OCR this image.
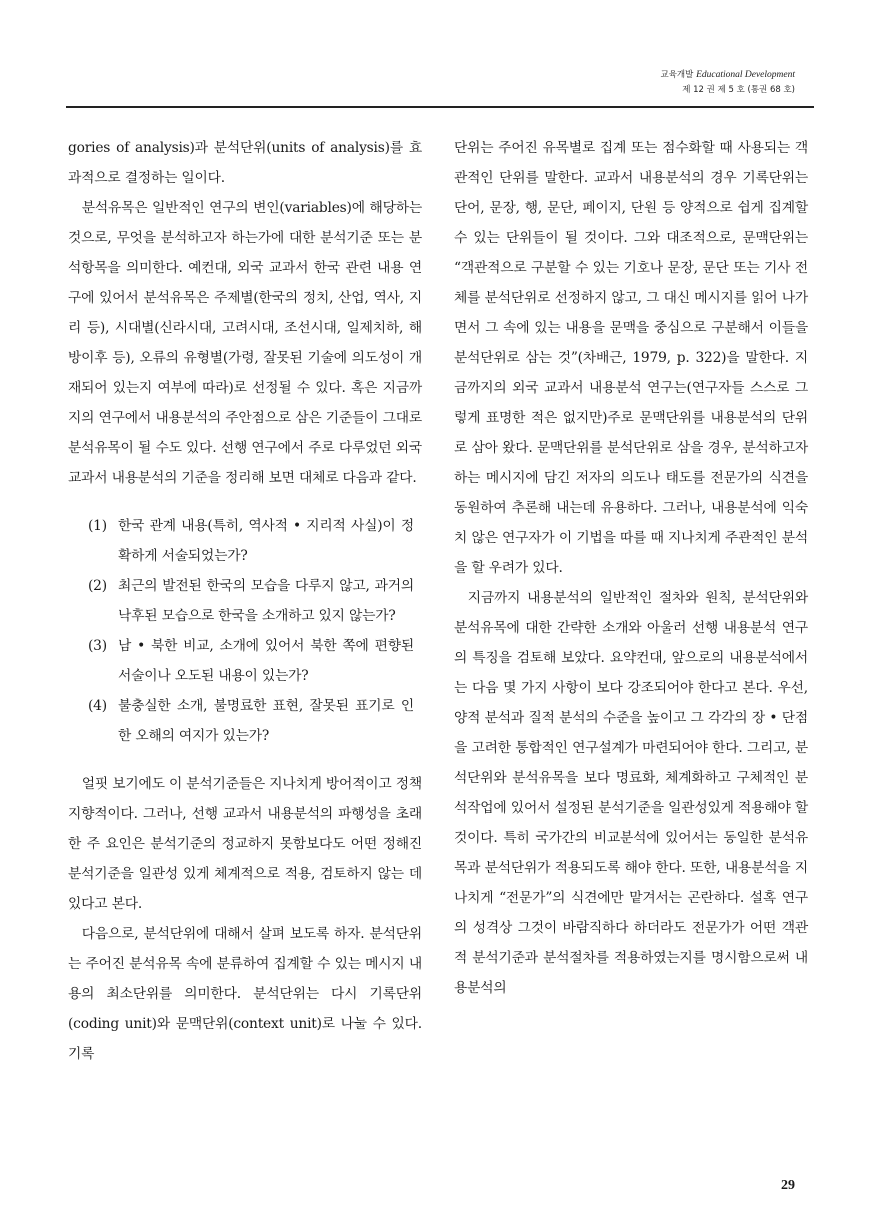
교육개발 Educational Development
제 12 권 제 5 호 (통권 68 호)

gories of analysis)과 분석단위(units of analysis)를 효과적으로 결정하는 일이다.

분석유목은 일반적인 연구의 변인(variables)에 해당하는 것으로, 무엇을 분석하고자 하는가에 대한 분석기준 또는 분석항목을 의미한다. 예컨대, 외국 교과서 한국 관련 내용 연구에 있어서 분석유목은 주제별(한국의 정치, 산업, 역사, 지리 등), 시대별(신라시대, 고려시대, 조선시대, 일제치하, 해방이후 등), 오류의 유형별(가령, 잘못된 기술에 의도성이 개재되어 있는지 여부에 따라)로 선정될 수 있다. 혹은 지금까지의 연구에서 내용분석의 주안점으로 삼은 기준들이 그대로 분석유목이 될 수도 있다. 선행 연구에서 주로 다루었던 외국 교과서 내용분석의 기준을 정리해 보면 대체로 다음과 같다.

(1) 한국 관계 내용(특히, 역사적 • 지리적 사실)이 정확하게 서술되었는가?
(2) 최근의 발전된 한국의 모습을 다루지 않고, 과거의 낙후된 모습으로 한국을 소개하고 있지 않는가?
(3) 남 • 북한 비교, 소개에 있어서 북한 쪽에 편향된 서술이나 오도된 내용이 있는가?
(4) 불충실한 소개, 불명료한 표현, 잘못된 표기로 인한 오해의 여지가 있는가?

얼핏 보기에도 이 분석기준들은 지나치게 방어적이고 정책지향적이다. 그러나, 선행 교과서 내용분석의 파행성을 초래한 주 요인은 분석기준의 정교하지 못함보다도 어떤 정해진 분석기준을 일관성 있게 체계적으로 적용, 검토하지 않는 데 있다고 본다.

다음으로, 분석단위에 대해서 살펴 보도록 하자. 분석단위는 주어진 분석유목 속에 분류하여 집계할 수 있는 메시지 내용의 최소단위를 의미한다. 분석단위는 다시 기록단위(coding unit)와 문맥단위(context unit)로 나눌 수 있다. 기록

단위는 주어진 유목별로 집계 또는 점수화할 때 사용되는 객관적인 단위를 말한다. 교과서 내용분석의 경우 기록단위는 단어, 문장, 행, 문단, 페이지, 단원 등 양적으로 쉽게 집계할 수 있는 단위들이 될 것이다. 그와 대조적으로, 문맥단위는 “객관적으로 구분할 수 있는 기호나 문장, 문단 또는 기사 전체를 분석단위로 선정하지 않고, 그 대신 메시지를 읽어 나가면서 그 속에 있는 내용을 문맥을 중심으로 구분해서 이들을 분석단위로 삼는 것”(차배근, 1979, p. 322)을 말한다. 지금까지의 외국 교과서 내용분석 연구는(연구자들 스스로 그렇게 표명한 적은 없지만)주로 문맥단위를 내용분석의 단위로 삼아 왔다. 문맥단위를 분석단위로 삼을 경우, 분석하고자 하는 메시지에 담긴 저자의 의도나 태도를 전문가의 식견을 동원하여 추론해 내는데 유용하다. 그러나, 내용분석에 익숙치 않은 연구자가 이 기법을 따를 때 지나치게 주관적인 분석을 할 우려가 있다.

지금까지 내용분석의 일반적인 절차와 원칙, 분석단위와 분석유목에 대한 간략한 소개와 아울러 선행 내용분석 연구의 특징을 검토해 보았다. 요약컨대, 앞으로의 내용분석에서는 다음 몇 가지 사항이 보다 강조되어야 한다고 본다. 우선, 양적 분석과 질적 분석의 수준을 높이고 그 각각의 장 • 단점을 고려한 통합적인 연구설계가 마련되어야 한다. 그리고, 분석단위와 분석유목을 보다 명료화, 체계화하고 구체적인 분석작업에 있어서 설정된 분석기준을 일관성있게 적용해야 할 것이다. 특히 국가간의 비교분석에 있어서는 동일한 분석유목과 분석단위가 적용되도록 해야 한다. 또한, 내용분석을 지나치게 “전문가”의 식견에만 맡겨서는 곤란하다. 설혹 연구의 성격상 그것이 바람직하다 하더라도 전문가가 어떤 객관적 분석기준과 분석절차를 적용하였는지를 명시함으로써 내용분석의

29
